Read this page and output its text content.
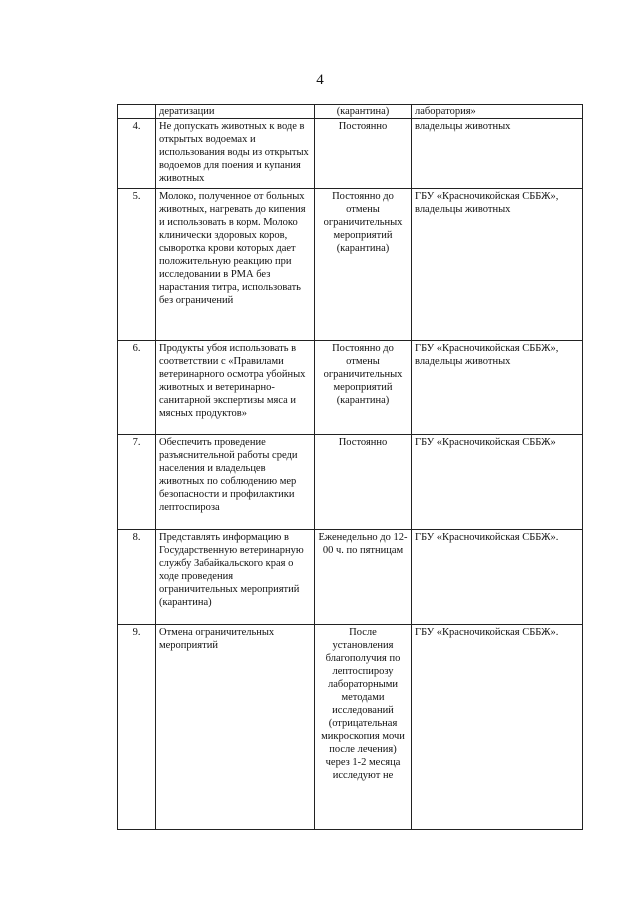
4
	дератизации	(карантина)	лаборатория»
4.	Не допускать животных к воде в открытых водоемах и использования воды из открытых водоемов для поения и купания животных	Постоянно	владельцы животных
5.	Молоко, полученное от больных животных, нагревать до кипения и использовать в корм. Молоко клинически здоровых коров, сыворотка крови которых дает положительную реакцию при исследовании в РМА без нарастания титра, использовать без ограничений	Постоянно до отмены ограничительных мероприятий (карантина)	ГБУ «Красночикойская СББЖ», владельцы животных
6.	Продукты убоя использовать в соответствии с «Правилами ветеринарного осмотра убойных животных и ветеринарно-санитарной экспертизы мяса и мясных продуктов»	Постоянно до отмены ограничительных мероприятий (карантина)	ГБУ «Красночикойская СББЖ», владельцы животных
7.	Обеспечить проведение разъяснительной работы среди населения и владельцев животных по соблюдению мер безопасности и профилактики лептоспироза	Постоянно	ГБУ «Красночикойская СББЖ»
8.	Представлять информацию в Государственную ветеринарную службу Забайкальского края о ходе проведения ограничительных мероприятий (карантина)	Еженедельно до 12-00 ч. по пятницам	ГБУ «Красночикойская СББЖ».
9.	Отмена ограничительных мероприятий	После установления благополучия по лептоспирозу лабораторными методами исследований (отрицательная микроскопия мочи после лечения) через 1-2 месяца исследуют не	ГБУ «Красночикойская СББЖ».
